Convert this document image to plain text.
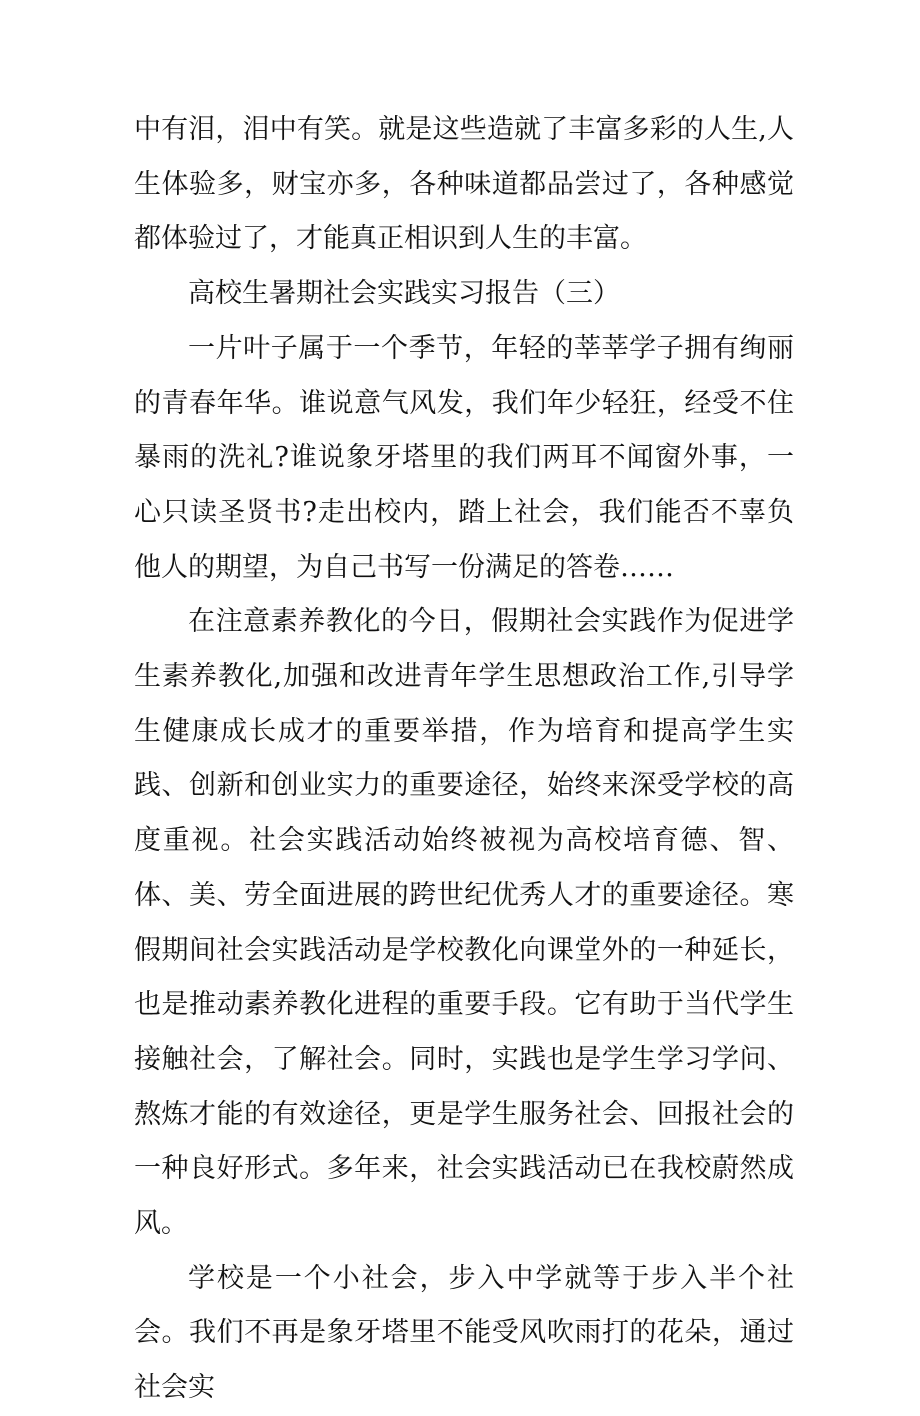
中有泪，泪中有笑。就是这些造就了丰富多彩的人生,人生体验多，财宝亦多，各种味道都品尝过了，各种感觉都体验过了，才能真正相识到人生的丰富。

高校生暑期社会实践实习报告（三）

一片叶子属于一个季节，年轻的莘莘学子拥有绚丽的青春年华。谁说意气风发，我们年少轻狂，经受不住暴雨的洗礼?谁说象牙塔里的我们两耳不闻窗外事，一心只读圣贤书?走出校内，踏上社会，我们能否不辜负他人的期望，为自己书写一份满足的答卷……

在注意素养教化的今日，假期社会实践作为促进学生素养教化,加强和改进青年学生思想政治工作,引导学生健康成长成才的重要举措，作为培育和提高学生实践、创新和创业实力的重要途径，始终来深受学校的高度重视。社会实践活动始终被视为高校培育德、智、体、美、劳全面进展的跨世纪优秀人才的重要途径。寒假期间社会实践活动是学校教化向课堂外的一种延长，也是推动素养教化进程的重要手段。它有助于当代学生接触社会，了解社会。同时，实践也是学生学习学问、熬炼才能的有效途径，更是学生服务社会、回报社会的一种良好形式。多年来，社会实践活动已在我校蔚然成风。

学校是一个小社会，步入中学就等于步入半个社会。我们不再是象牙塔里不能受风吹雨打的花朵，通过社会实
